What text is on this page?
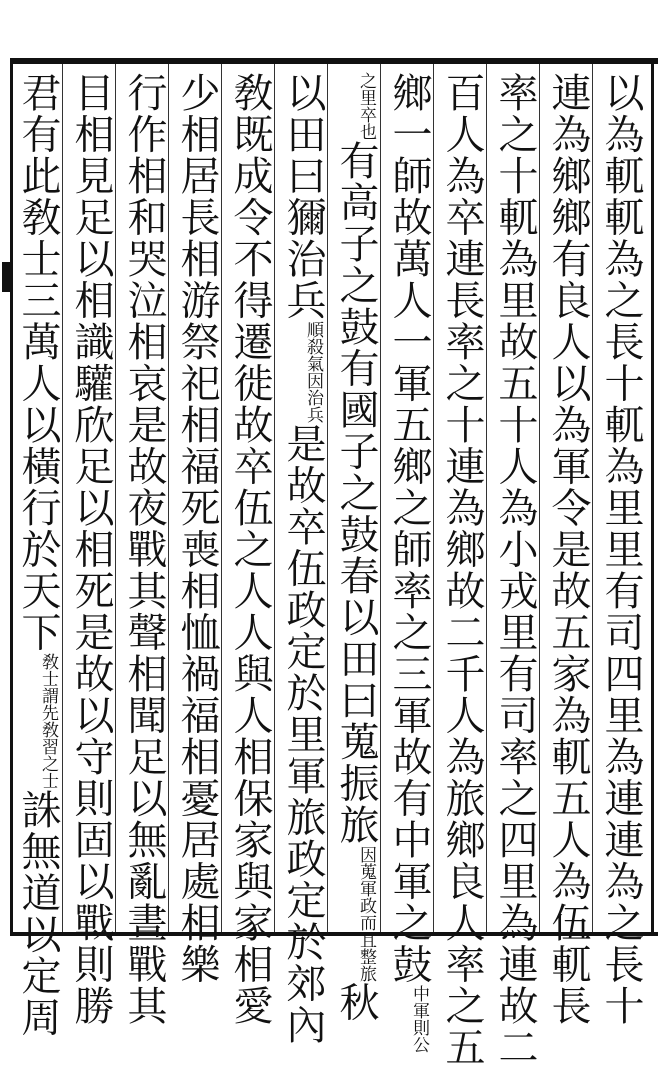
以為軏軏為之長十軏為里里有司四里為連連為之長十
連為鄉鄉有良人以為軍令是故五家為軏五人為伍軏長
率之十軏為里故五十人為小戎里有司率之四里為連故二
百人為卒連長率之十連為鄉故二千人為旅鄉良人率之五
鄉一師故萬人一軍五鄉之師率之三軍故有中軍之鼓中軍則公
之里卒也有高子之鼓有國子之鼓春以田曰蒐振旅因蒐軍政而且整旅秋
以田曰獮治兵順殺氣因治兵是故卒伍政定於里軍旅政定於郊內
敎既成令不得遷徙故卒伍之人人與人相保家與家相愛
少相居長相游祭祀相福死喪相恤禍福相憂居處相樂
行作相和哭泣相哀是故夜戰其聲相聞足以無亂晝戰其
目相見足以相識驩欣足以相死是故以守則固以戰則勝
君有此敎士三萬人以橫行於天下敎士謂先敎習之士誅無道以定周
